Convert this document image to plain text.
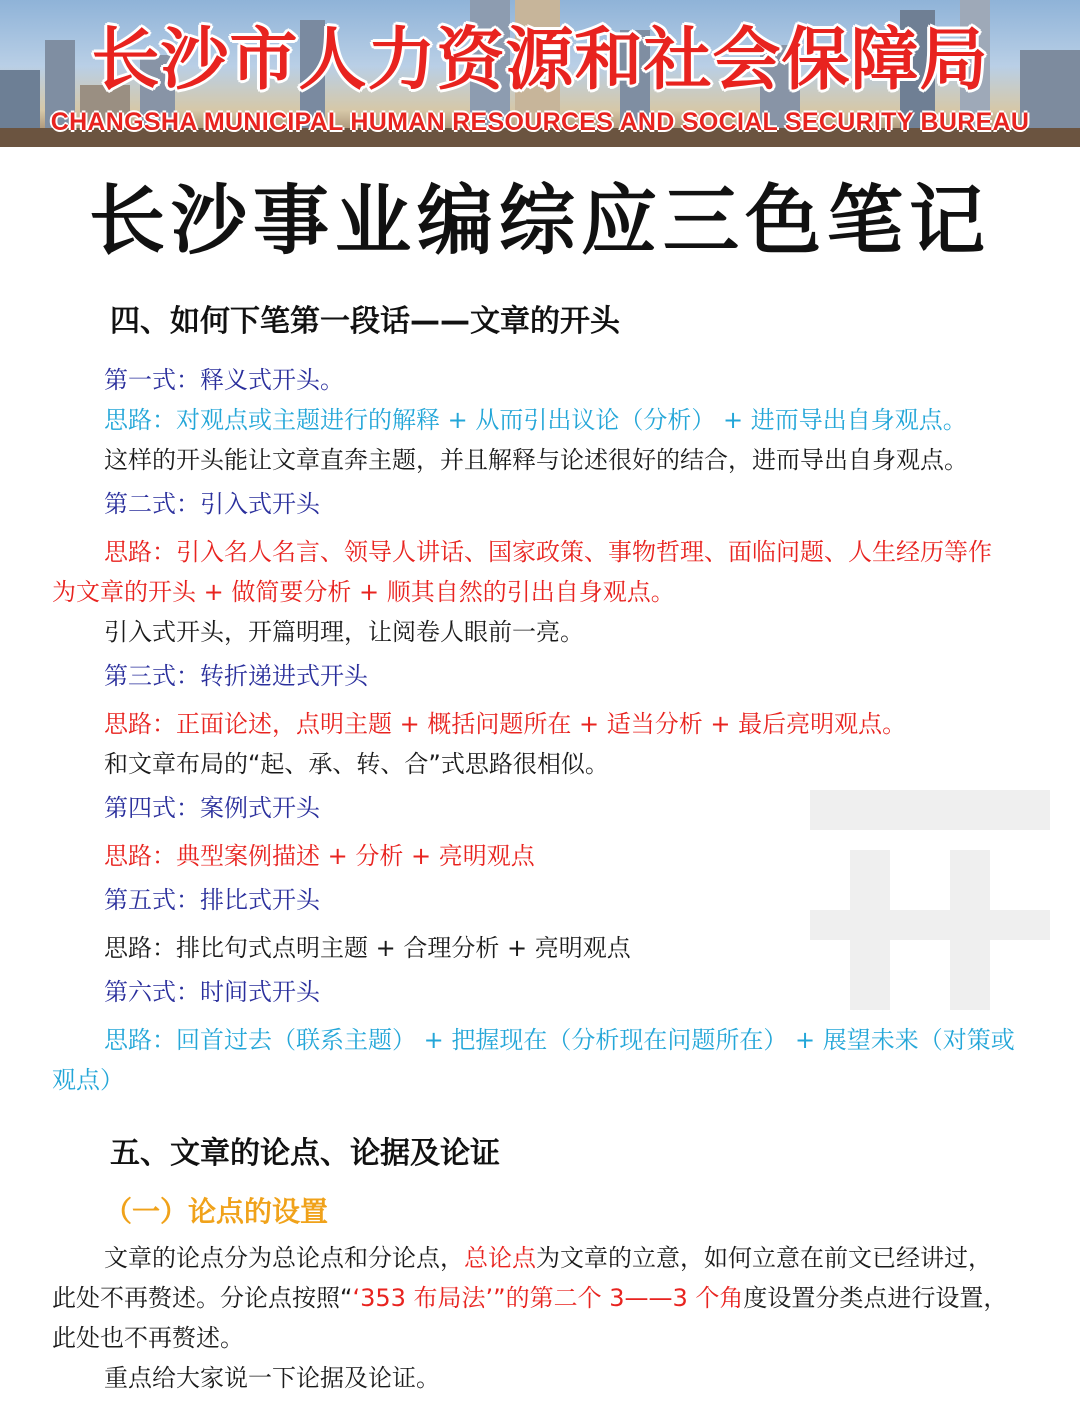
长沙市人力资源和社会保障局
CHANGSHA MUNICIPAL HUMAN RESOURCES AND SOCIAL SECURITY BUREAU
长沙事业编综应三色笔记
四、如何下笔第一段话——文章的开头
第一式：释义式开头。
思路：对观点或主题进行的解释 + 从而引出议论（分析） + 进而导出自身观点。
这样的开头能让文章直奔主题，并且解释与论述很好的结合，进而导出自身观点。
第二式：引入式开头
思路：引入名人名言、领导人讲话、国家政策、事物哲理、面临问题、人生经历等作
为文章的开头 + 做简要分析 + 顺其自然的引出自身观点。
引入式开头，开篇明理，让阅卷人眼前一亮。
第三式：转折递进式开头
思路：正面论述，点明主题 + 概括问题所在 + 适当分析 + 最后亮明观点。
和文章布局的“起、承、转、合”式思路很相似。
第四式：案例式开头
思路：典型案例描述 + 分析 + 亮明观点
第五式：排比式开头
思路：排比句式点明主题 + 合理分析 + 亮明观点
第六式：时间式开头
思路：回首过去（联系主题） + 把握现在（分析现在问题所在） + 展望未来（对策或
观点）
五、文章的论点、论据及论证
（一）论点的设置
文章的论点分为总论点和分论点，总论点为文章的立意，如何立意在前文已经讲过，
此处不再赘述。分论点按照“‘353 布局法’”的第二个 3——3 个角度设置分类点进行设置，
此处也不再赘述。
重点给大家说一下论据及论证。
